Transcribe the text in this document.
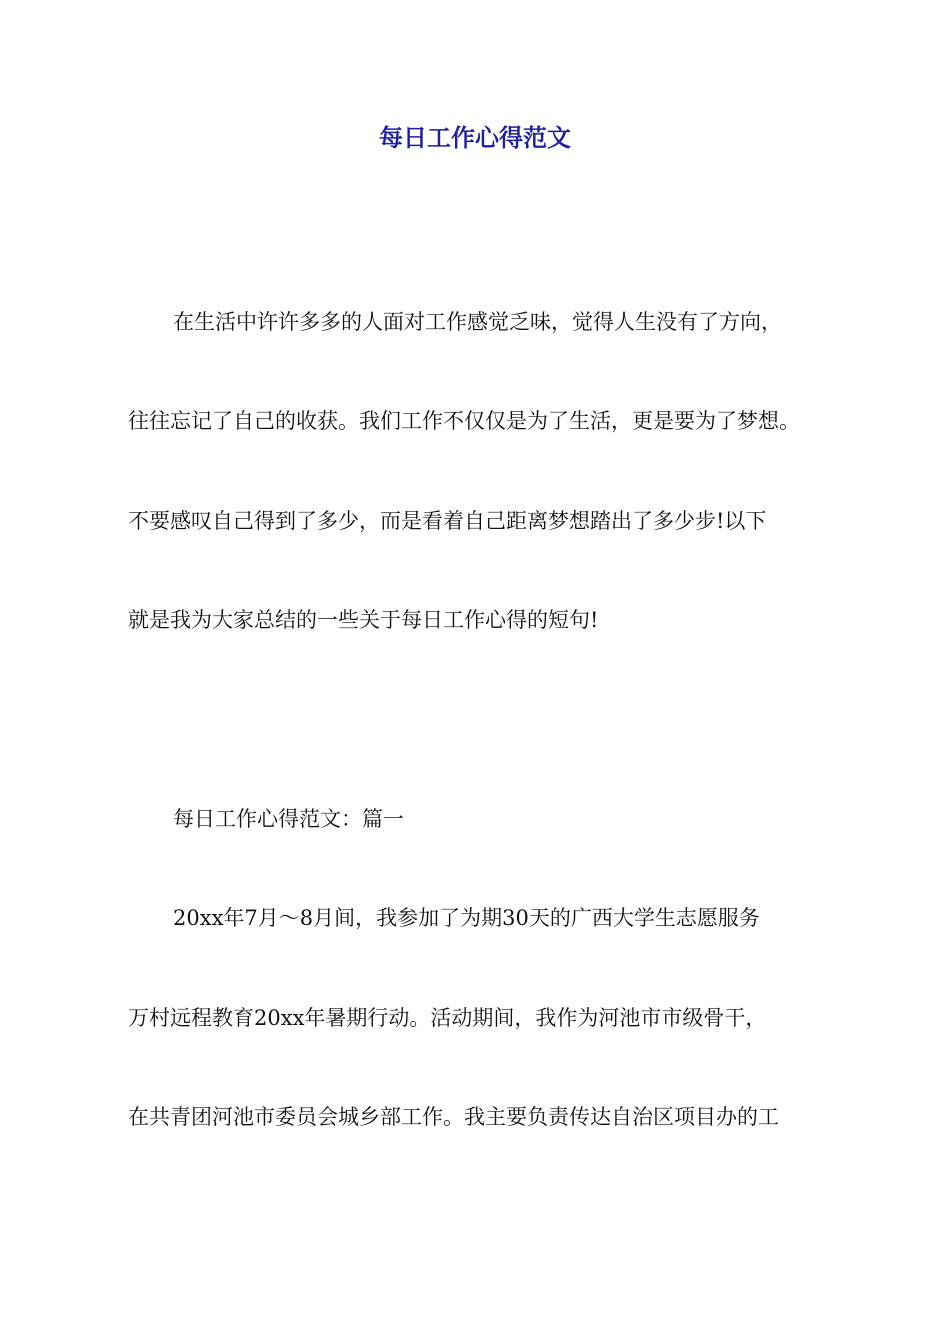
每日工作心得范文

在生活中许许多多的人面对工作感觉乏味，觉得人生没有了方向，

往往忘记了自己的收获。我们工作不仅仅是为了生活，更是要为了梦想。

不要感叹自己得到了多少，而是看着自己距离梦想踏出了多少步!以下

就是我为大家总结的一些关于每日工作心得的短句!

每日工作心得范文：篇一

20xx年7月～8月间，我参加了为期30天的广西大学生志愿服务

万村远程教育20xx年暑期行动。活动期间，我作为河池市市级骨干，

在共青团河池市委员会城乡部工作。我主要负责传达自治区项目办的工
